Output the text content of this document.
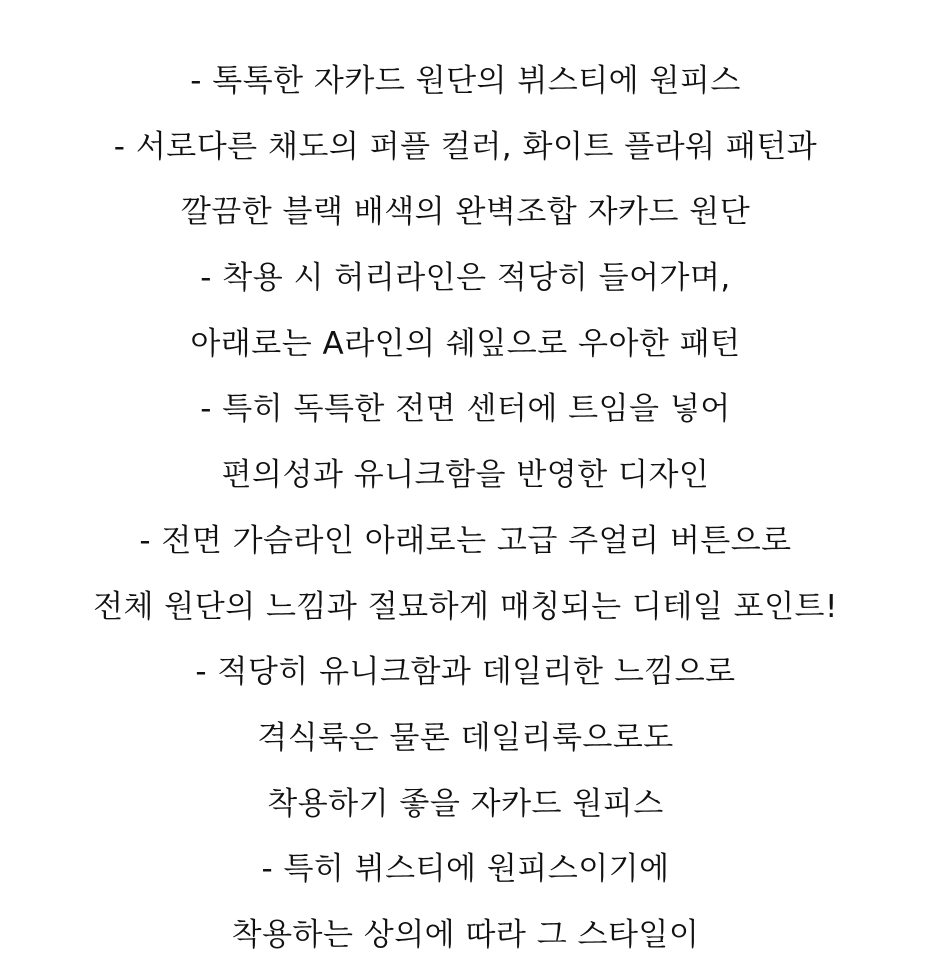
- 톡톡한 자카드 원단의 뷔스티에 원피스
- 서로다른 채도의 퍼플 컬러, 화이트 플라워 패턴과
깔끔한 블랙 배색의 완벽조합 자카드 원단
- 착용 시 허리라인은 적당히 들어가며,
아래로는 A라인의 쉐잎으로 우아한 패턴
- 특히 독특한 전면 센터에 트임을 넣어
편의성과 유니크함을 반영한 디자인
- 전면 가슴라인 아래로는 고급 주얼리 버튼으로
전체 원단의 느낌과 절묘하게 매칭되는 디테일 포인트!
- 적당히 유니크함과 데일리한 느낌으로
격식룩은 물론 데일리룩으로도
착용하기 좋을 자카드 원피스
- 특히 뷔스티에 원피스이기에
착용하는 상의에 따라 그 스타일이
